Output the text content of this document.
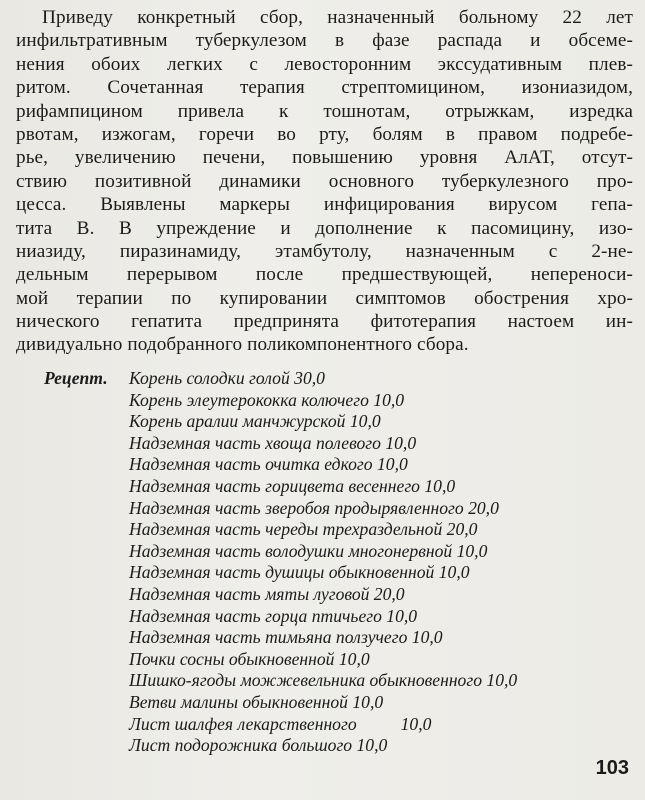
Приведу конкретный сбор, назначенный больному 22 лет
инфильтративным туберкулезом в фазе распада и обсеме-
нения обоих легких с левосторонним экссудативным плев-
ритом. Сочетанная терапия стрептомицином, изониазидом,
рифампицином привела к тошнотам, отрыжкам, изредка
рвотам, изжогам, горечи во рту, болям в правом подребе-
рье, увеличению печени, повышению уровня АлАТ, отсут-
ствию позитивной динамики основного туберкулезного про-
цесса. Выявлены маркеры инфицирования вирусом гепа-
тита В. В упреждение и дополнение к пасомицину, изо-
ниазиду, пиразинамиду, этамбутолу, назначенным с 2-не-
дельным перерывом после предшествующей, непереноси-
мой терапии по купировании симптомов обострения хро-
нического гепатита предпринята фитотерапия настоем ин-
дивидуально подобранного поликомпонентного сбора.
Рецепт. Корень солодки голой 30,0
Корень элеутерококка колючего 10,0
Корень аралии манчжурской 10,0
Надземная часть хвоща полевого 10,0
Надземная часть очитка едкого 10,0
Надземная часть горицвета весеннего 10,0
Надземная часть зверобоя продырявленного 20,0
Надземная часть череды трехраздельной 20,0
Надземная часть володушки многонервной 10,0
Надземная часть душицы обыкновенной 10,0
Надземная часть мяты луговой 20,0
Надземная часть горца птичьего 10,0
Надземная часть тимьяна ползучего 10,0
Почки сосны обыкновенной 10,0
Шишко-ягоды можжевельника обыкновенного 10,0
Ветви малины обыкновенной 10,0
Лист шалфея лекарственного          10,0
Лист подорожника большого 10,0
103
